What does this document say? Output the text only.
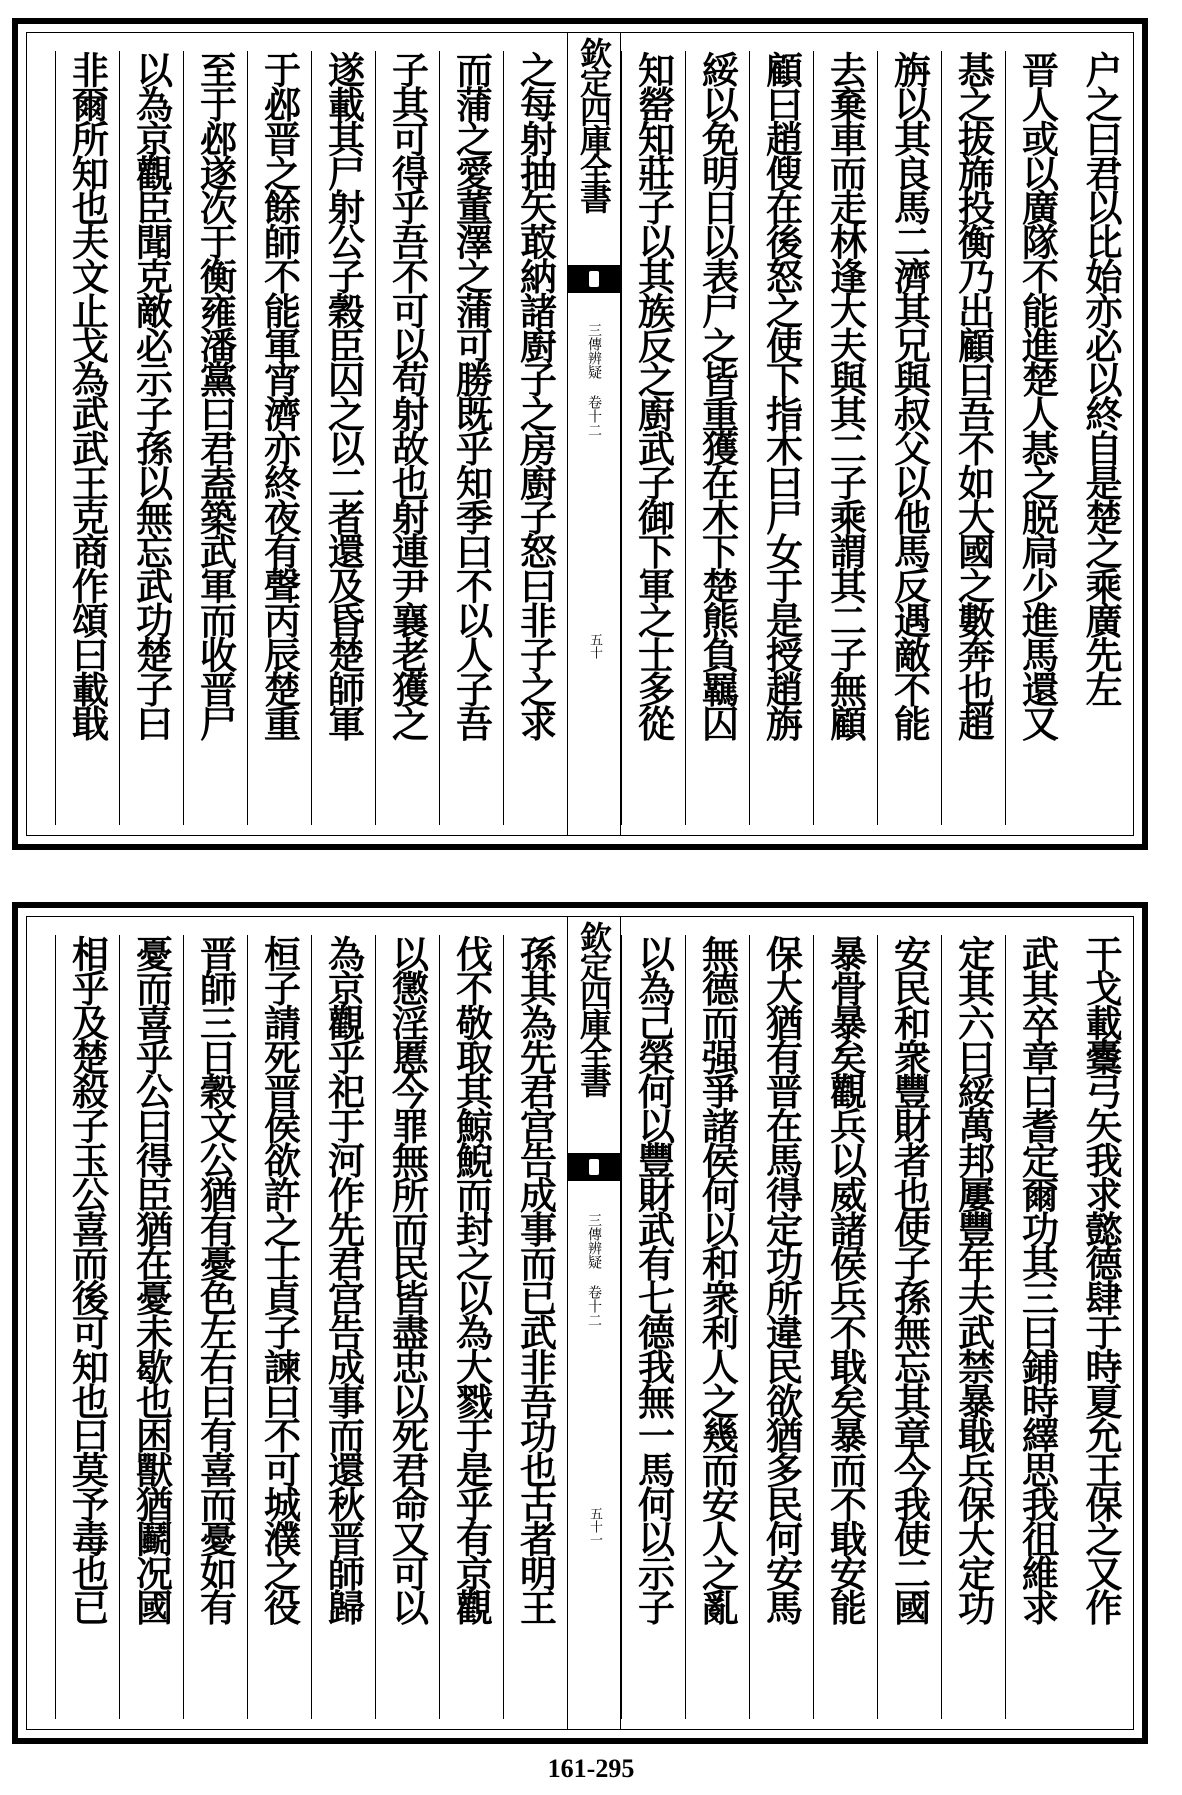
户之曰君以比始亦必以終自是楚之乘廣先左
晋人或以廣隊不能進楚人惎之脱扃少進馬還又
惎之拔旆投衡乃出顧曰吾不如大國之數奔也趙
旃以其良馬二濟其兄與叔父以他馬反遇敵不能
去棄車而走林逢大夫與其二子乘謂其二子無顧
顧曰趙傁在後怒之使下指木曰尸女于是授趙旃
綏以免明日以表尸之皆重獲在木下楚熊負羈囚
知罃知莊子以其族反之廚武子御下軍之士多從
欽定四庫全書
三傳辨疑 卷十二
五十
之每射抽矢菆納諸廚子之房廚子怒曰非子之求
而蒲之愛董澤之蒲可勝既乎知季曰不以人子吾
子其可得乎吾不可以苟射故也射連尹襄老獲之
遂載其尸射公子穀臣囚之以二者還及昏楚師軍
于邲晋之餘師不能軍宵濟亦終夜有聲丙辰楚重
至于邲遂次于衡雍潘黨曰君盍築武軍而收晋尸
以為京觀臣聞克敵必示子孫以無忘武功楚子曰
非爾所知也夫文止戈為武武王克商作頌曰載戢
干戈載櫜弓矢我求懿德肆于時夏允王保之又作
武其卒章曰耆定爾功其三曰鋪時繹思我徂維求
定其六曰綏萬邦屢豐年夫武禁暴戢兵保大定功
安民和衆豐財者也使子孫無忘其章今我使二國
暴骨暴矣觀兵以威諸侯兵不戢矣暴而不戢安能
保大猶有晋在馬得定功所違民欲猶多民何安馬
無德而强爭諸侯何以和衆利人之幾而安人之亂
以為己榮何以豐財武有七德我無一馬何以示子
欽定四庫全書
三傳辨疑 卷十二
五十一
孫其為先君宫告成事而已武非吾功也古者明王
伐不敬取其鯨鯢而封之以為大戮于是乎有京觀
以懲淫慝今罪無所而民皆盡忠以死君命又可以
為京觀乎祀于河作先君宫告成事而還秋晋師歸
桓子請死晋侯欲許之士貞子諫曰不可城濮之役
晋師三日穀文公猶有憂色左右曰有喜而憂如有
憂而喜乎公曰得臣猶在憂未歇也困獸猶鬬况國
相乎及楚殺子玉公喜而後可知也曰莫予毒也已
161-295
